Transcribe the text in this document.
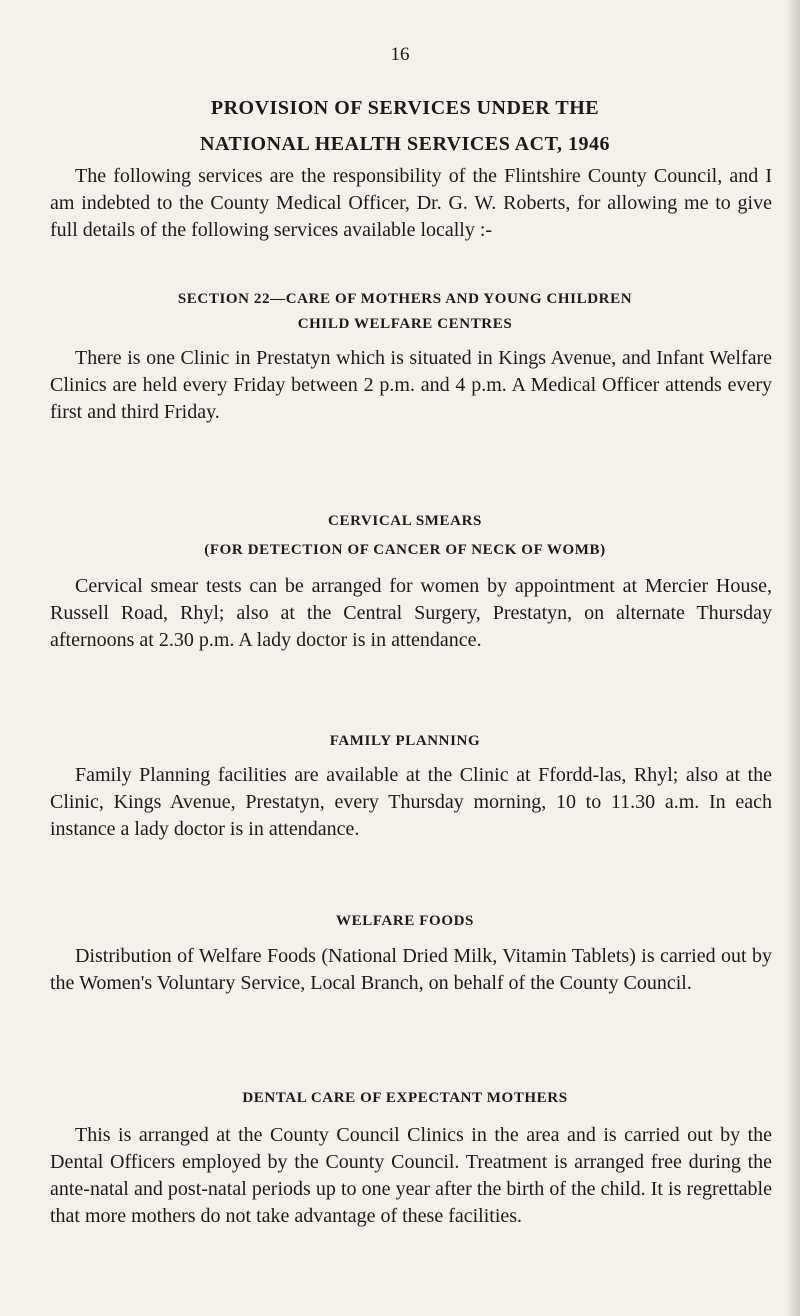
16
PROVISION OF SERVICES UNDER THE
NATIONAL HEALTH SERVICES ACT, 1946

The following services are the responsibility of the Flintshire County Council, and I am indebted to the County Medical Officer, Dr. G. W. Roberts, for allowing me to give full details of the following services available locally :-

SECTION 22—CARE OF MOTHERS AND YOUNG CHILDREN
CHILD WELFARE CENTRES

There is one Clinic in Prestatyn which is situated in Kings Avenue, and Infant Welfare Clinics are held every Friday between 2 p.m. and 4 p.m. A Medical Officer attends every first and third Friday.

CERVICAL SMEARS
(FOR DETECTION OF CANCER OF NECK OF WOMB)

Cervical smear tests can be arranged for women by appointment at Mercier House, Russell Road, Rhyl; also at the Central Surgery, Prestatyn, on alternate Thursday afternoons at 2.30 p.m. A lady doctor is in attendance.

FAMILY PLANNING

Family Planning facilities are available at the Clinic at Ffordd-las, Rhyl; also at the Clinic, Kings Avenue, Prestatyn, every Thursday morning, 10 to 11.30 a.m. In each instance a lady doctor is in attendance.

WELFARE FOODS

Distribution of Welfare Foods (National Dried Milk, Vitamin Tablets) is carried out by the Women's Voluntary Service, Local Branch, on behalf of the County Council.

DENTAL CARE OF EXPECTANT MOTHERS

This is arranged at the County Council Clinics in the area and is carried out by the Dental Officers employed by the County Council. Treatment is arranged free during the ante-natal and post-natal periods up to one year after the birth of the child. It is regrettable that more mothers do not take advantage of these facilities.
